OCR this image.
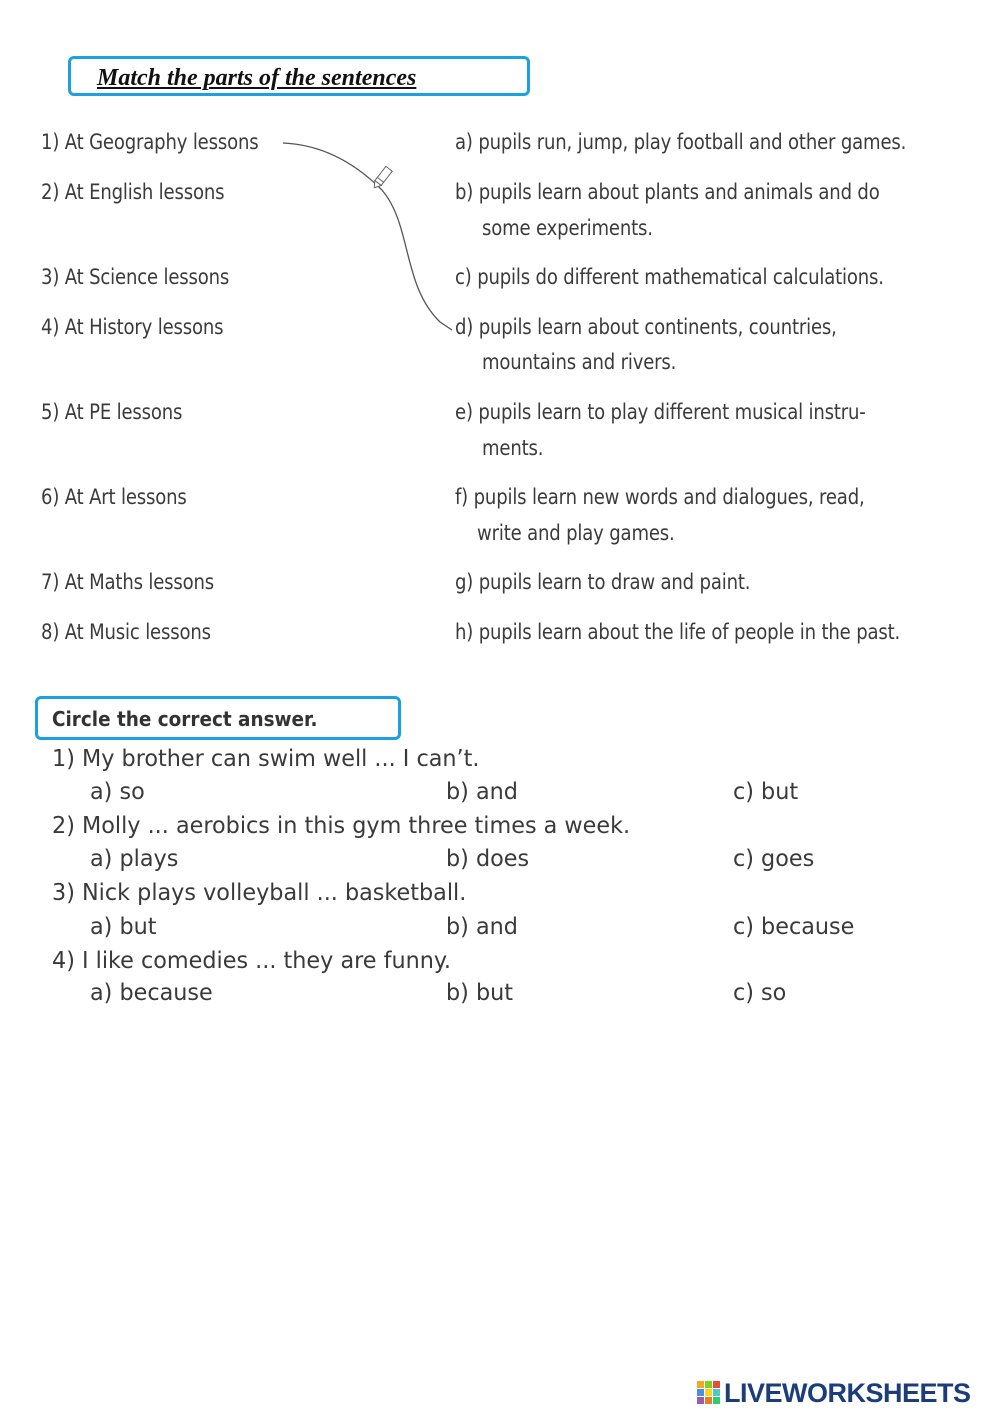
Match the parts of the sentences
1) At Geography lessons
2) At English lessons
3) At Science lessons
4) At History lessons
5) At PE lessons
6) At Art lessons
7) At Maths lessons
8) At Music lessons
a) pupils run, jump, play football and other games.
b) pupils learn about plants and animals and do
some experiments.
c) pupils do different mathematical calculations.
d) pupils learn about continents, countries,
mountains and rivers.
e) pupils learn to play different musical instru-
ments.
f) pupils learn new words and dialogues, read,
write and play games.
g) pupils learn to draw and paint.
h) pupils learn about the life of people in the past.
Circle the correct answer.
1) My brother can swim well ... I can’t.
a) so	b) and	c) but
2) Molly ... aerobics in this gym three times a week.
a) plays	b) does	c) goes
3) Nick plays volleyball ... basketball.
a) but	b) and	c) because
4) I like comedies ... they are funny.
a) because	b) but	c) so
LIVEWORKSHEETS
